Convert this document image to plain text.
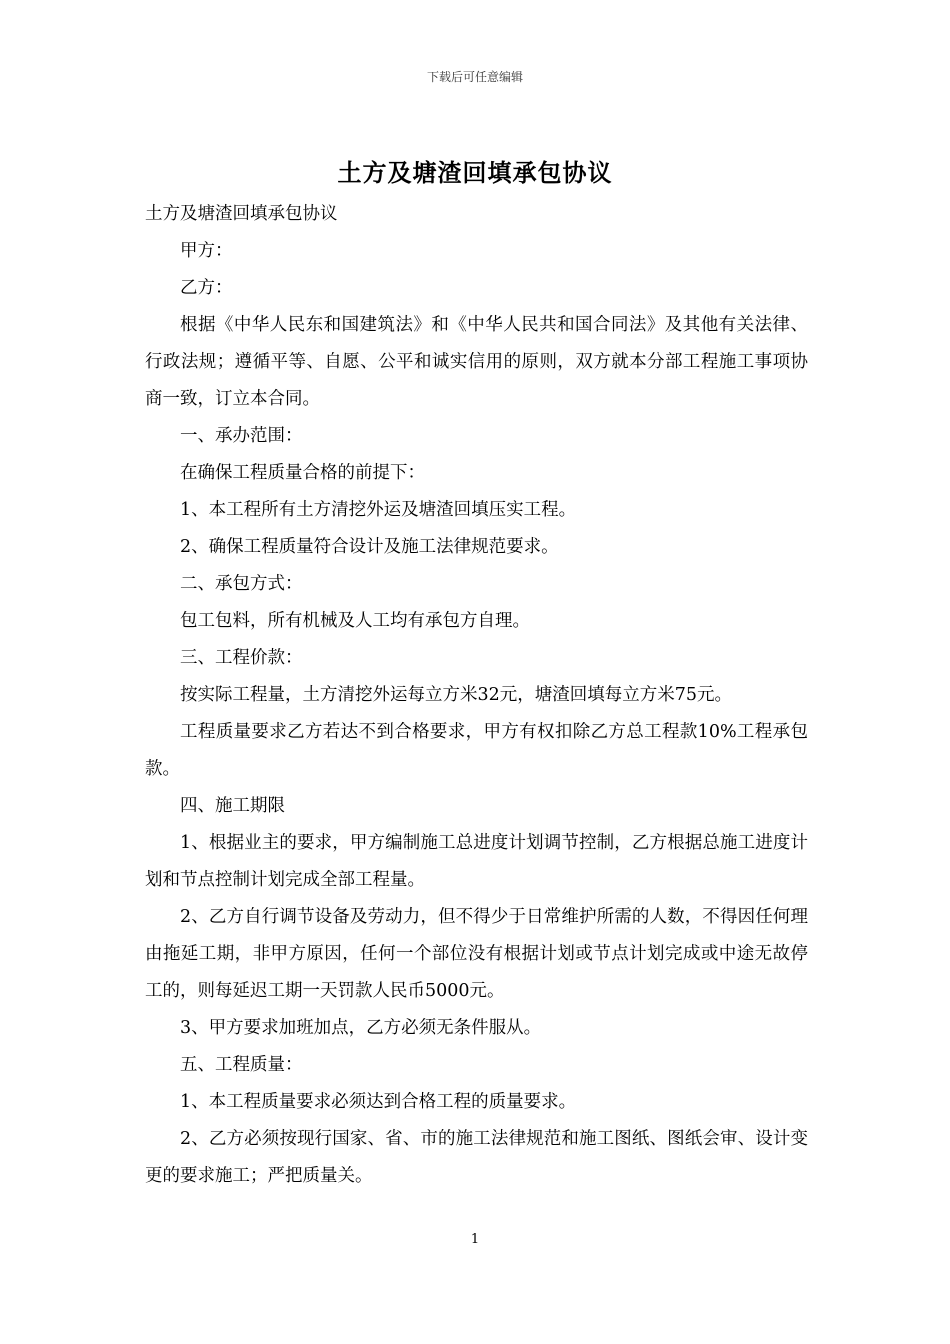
下载后可任意编辑
土方及塘渣回填承包协议

土方及塘渣回填承包协议

甲方：

乙方：

根据《中华人民东和国建筑法》和《中华人民共和国合同法》及其他有关法律、行政法规；遵循平等、自愿、公平和诚实信用的原则，双方就本分部工程施工事项协商一致，订立本合同。

一、承办范围：

在确保工程质量合格的前提下：

1、本工程所有土方清挖外运及塘渣回填压实工程。

2、确保工程质量符合设计及施工法律规范要求。

二、承包方式：

包工包料，所有机械及人工均有承包方自理。

三、工程价款：

按实际工程量，土方清挖外运每立方米32元，塘渣回填每立方米75元。

工程质量要求乙方若达不到合格要求，甲方有权扣除乙方总工程款10%工程承包款。

四、施工期限

1、根据业主的要求，甲方编制施工总进度计划调节控制，乙方根据总施工进度计划和节点控制计划完成全部工程量。

2、乙方自行调节设备及劳动力，但不得少于日常维护所需的人数，不得因任何理由拖延工期，非甲方原因，任何一个部位没有根据计划或节点计划完成或中途无故停工的，则每延迟工期一天罚款人民币5000元。

3、甲方要求加班加点，乙方必须无条件服从。

五、工程质量：

1、本工程质量要求必须达到合格工程的质量要求。

2、乙方必须按现行国家、省、市的施工法律规范和施工图纸、图纸会审、设计变更的要求施工；严把质量关。

1
